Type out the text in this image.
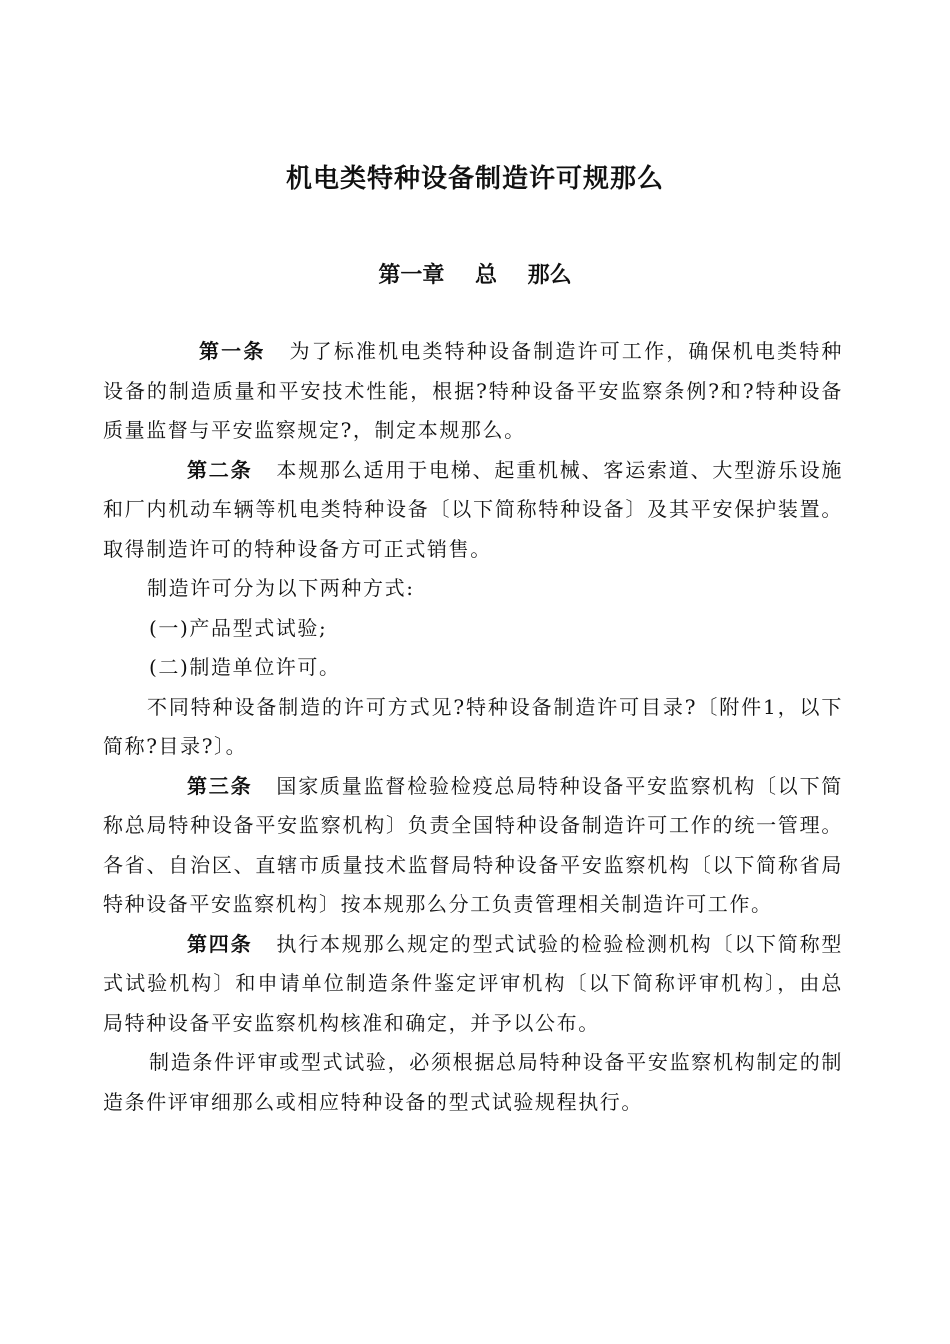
机电类特种设备制造许可规那么
第一章    总    那么

第一条 为了标准机电类特种设备制造许可工作，确保机电类特种设备的制造质量和平安技术性能，根据?特种设备平安监察条例?和?特种设备质量监督与平安监察规定?，制定本规那么。

第二条 本规那么适用于电梯、起重机械、客运索道、大型游乐设施和厂内机动车辆等机电类特种设备〔以下简称特种设备〕及其平安保护装置。取得制造许可的特种设备方可正式销售。

制造许可分为以下两种方式:

(一)产品型式试验;

(二)制造单位许可。

不同特种设备制造的许可方式见?特种设备制造许可目录?〔附件1，以下简称?目录?〕。

第三条 国家质量监督检验检疫总局特种设备平安监察机构〔以下简称总局特种设备平安监察机构〕负责全国特种设备制造许可工作的统一管理。各省、自治区、直辖市质量技术监督局特种设备平安监察机构〔以下简称省局特种设备平安监察机构〕按本规那么分工负责管理相关制造许可工作。

第四条 执行本规那么规定的型式试验的检验检测机构〔以下简称型式试验机构〕和申请单位制造条件鉴定评审机构〔以下简称评审机构〕，由总局特种设备平安监察机构核准和确定，并予以公布。

制造条件评审或型式试验，必须根据总局特种设备平安监察机构制定的制造条件评审细那么或相应特种设备的型式试验规程执行。
